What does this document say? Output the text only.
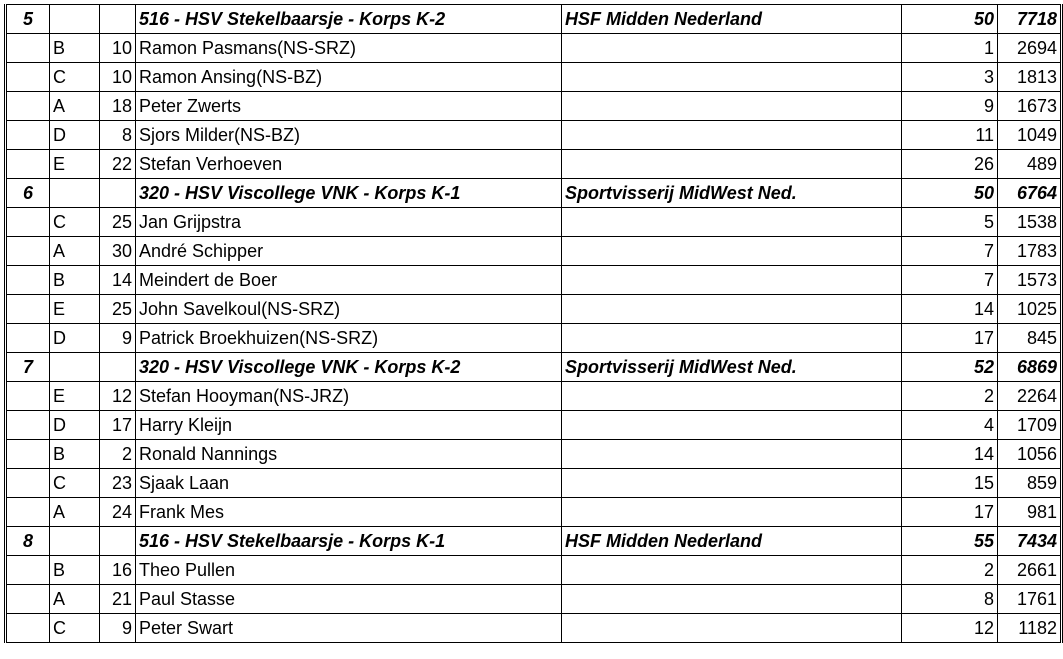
5			516 - HSV Stekelbaarsje - Korps K-2	HSF Midden Nederland	50	7718
	B	10	Ramon Pasmans(NS-SRZ)		1	2694
	C	10	Ramon Ansing(NS-BZ)		3	1813
	A	18	Peter Zwerts		9	1673
	D	8	Sjors Milder(NS-BZ)		11	1049
	E	22	Stefan Verhoeven		26	489
6			320 - HSV Viscollege VNK - Korps K-1	Sportvisserij MidWest Ned.	50	6764
	C	25	Jan Grijpstra		5	1538
	A	30	André Schipper		7	1783
	B	14	Meindert de Boer		7	1573
	E	25	John Savelkoul(NS-SRZ)		14	1025
	D	9	Patrick Broekhuizen(NS-SRZ)		17	845
7			320 - HSV Viscollege VNK - Korps K-2	Sportvisserij MidWest Ned.	52	6869
	E	12	Stefan Hooyman(NS-JRZ)		2	2264
	D	17	Harry Kleijn		4	1709
	B	2	Ronald Nannings		14	1056
	C	23	Sjaak Laan		15	859
	A	24	Frank Mes		17	981
8			516 - HSV Stekelbaarsje - Korps K-1	HSF Midden Nederland	55	7434
	B	16	Theo Pullen		2	2661
	A	21	Paul Stasse		8	1761
	C	9	Peter Swart		12	1182
